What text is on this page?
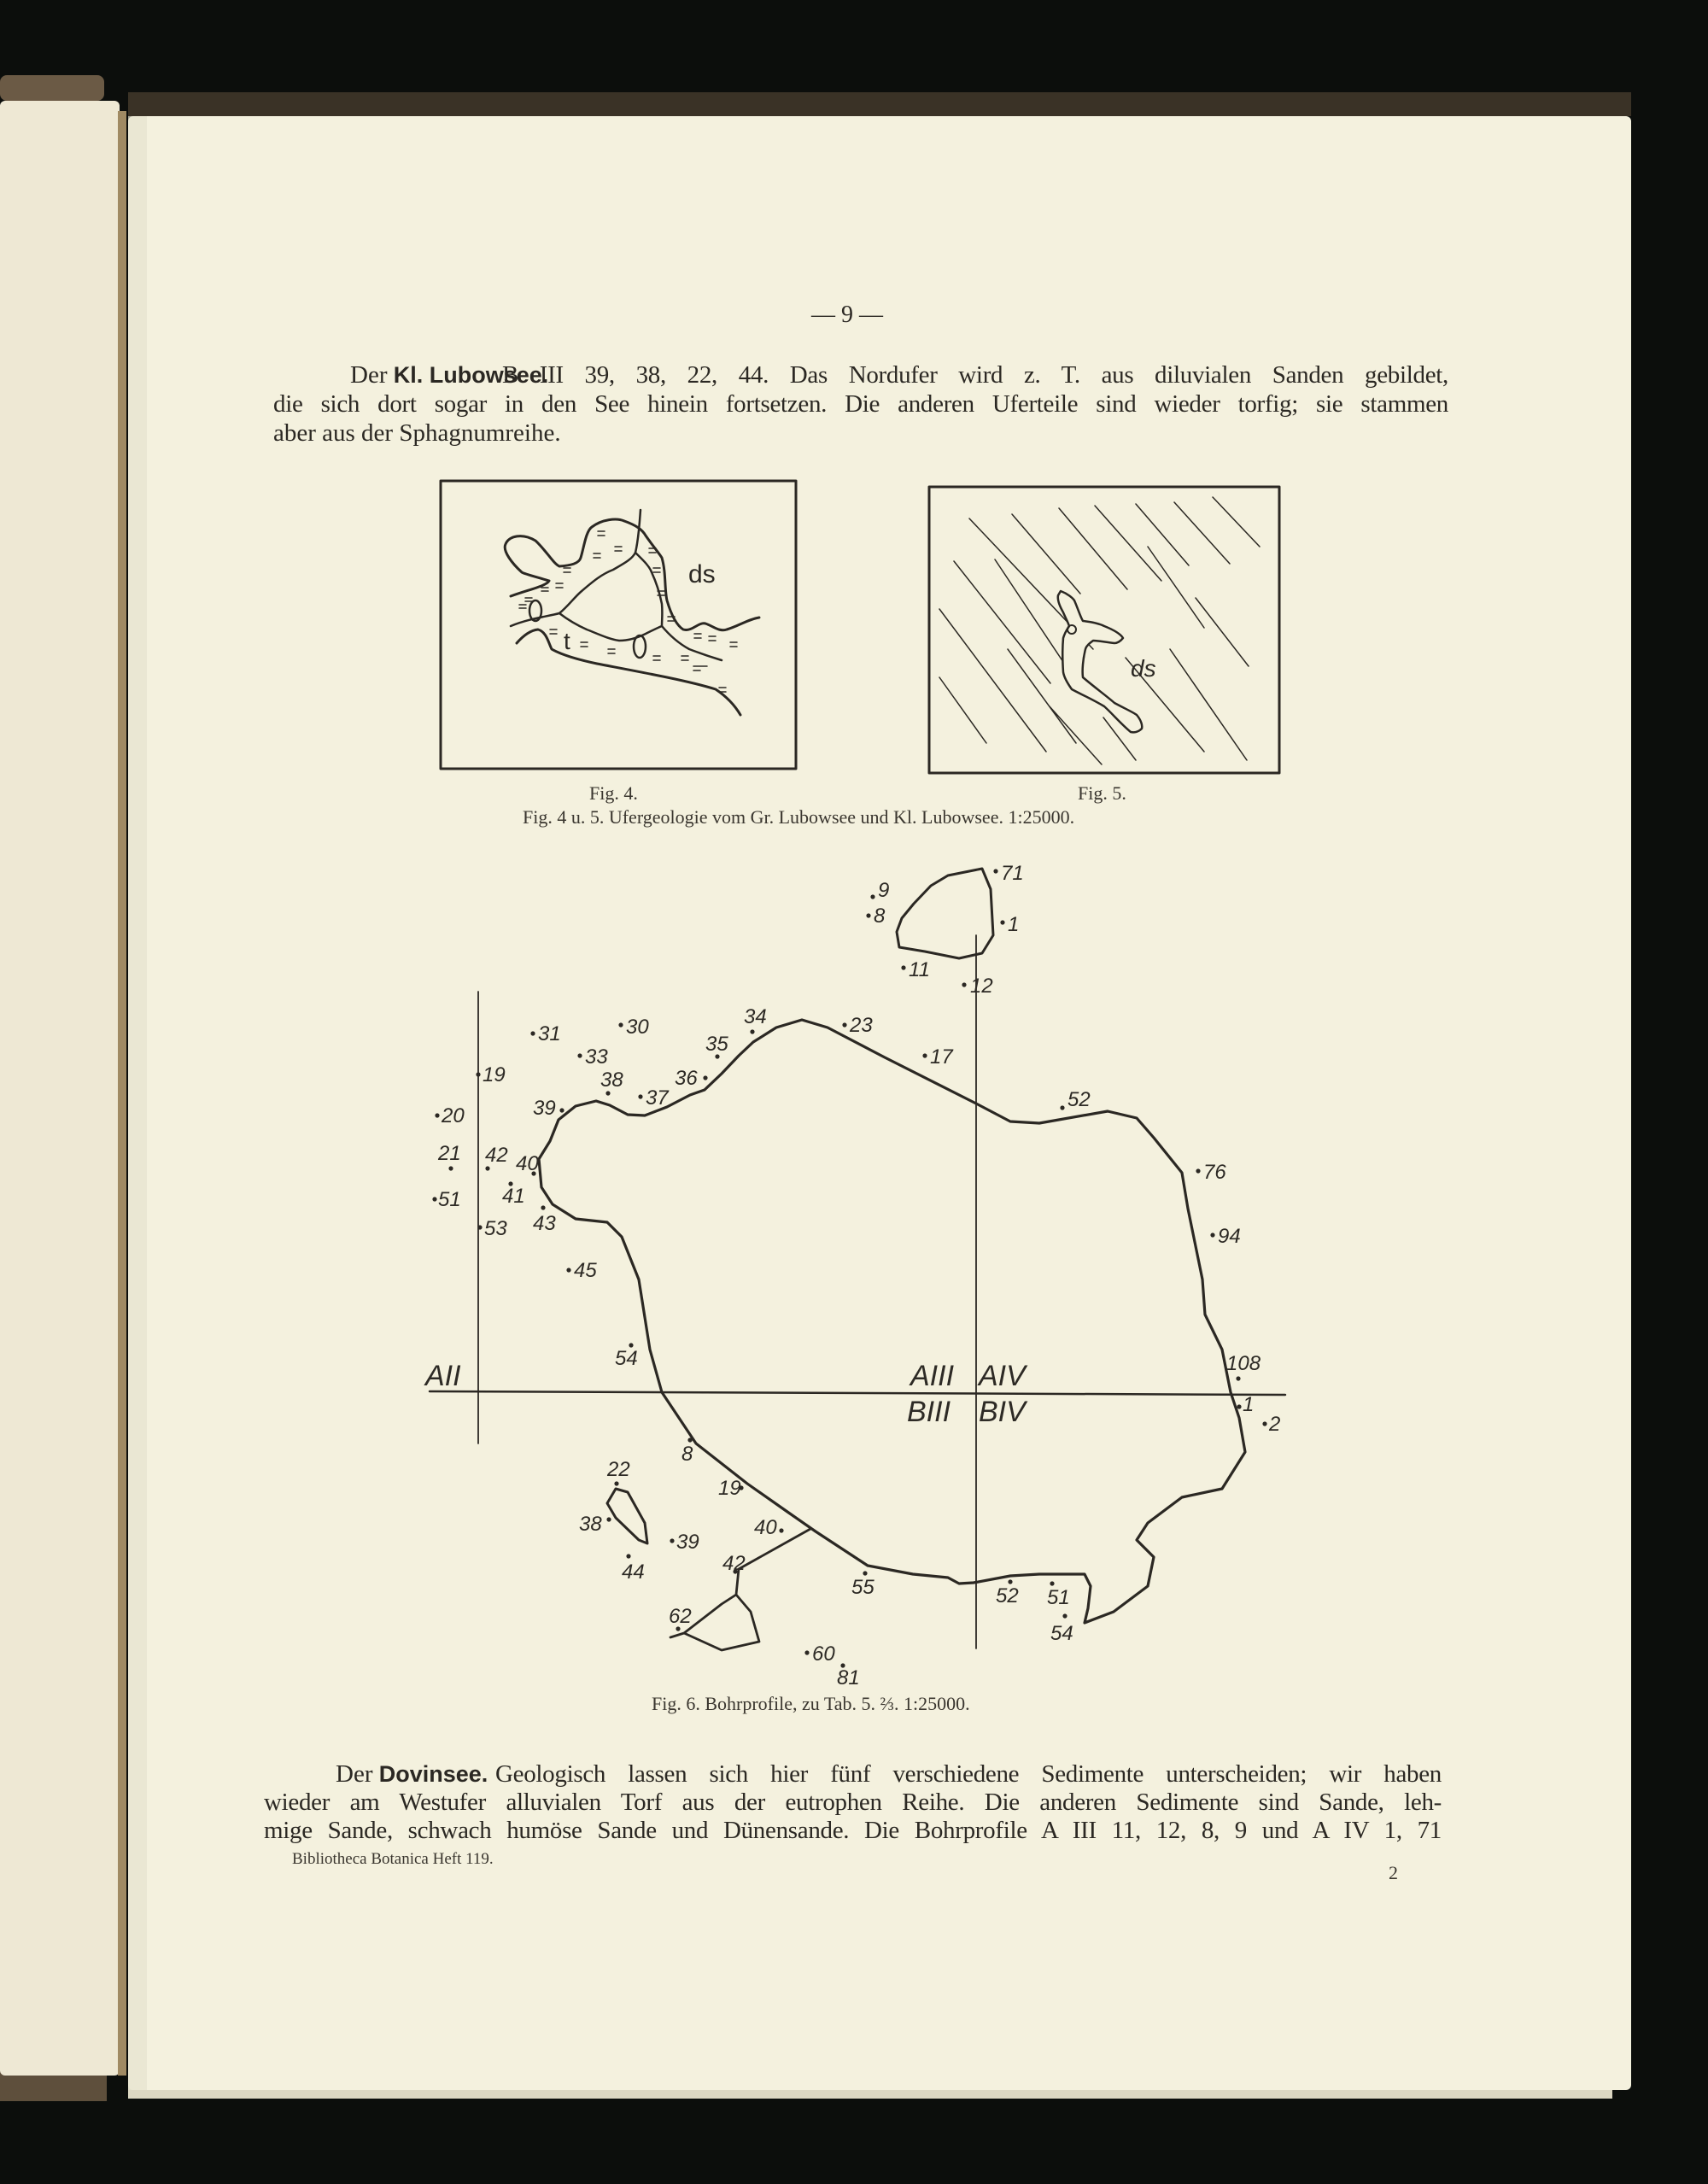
ds
t
ds
AII	AIII AIV
BIII BIV
71
9
8	1
11
12
31	30	34	23
33
35
17
19	38	36
37
39	52
20
21 42 40	76
41
51
43
53	94
45
54	108
1
2
8
22
19
38	40
39
42
44
55	52 51
62
54
60
81
— 9 —
Der Kl. Lubowsee.
B III 39, 38, 22, 44. Das Nordufer wird z. T. aus diluvialen Sanden gebildet,
die sich dort sogar in den See hinein fortsetzen. Die anderen Uferteile sind wieder torfig; sie stammen
aber aus der Sphagnumreihe.
Fig. 4.	Fig. 5.
Fig. 4 u. 5. Ufergeologie vom Gr. Lubowsee und Kl. Lubowsee. 1:25000.
Fig. 6. Bohrprofile, zu Tab. 5. ⅔. 1:25000.
Der Dovinsee. Geologisch lassen sich hier fünf verschiedene Sedimente unterscheiden; wir haben
wieder am Westufer alluvialen Torf aus der eutrophen Reihe. Die anderen Sedimente sind Sande, leh-
mige Sande, schwach humöse Sande und Dünensande. Die Bohrprofile A III 11, 12, 8, 9 und A IV 1, 71
Bibliotheca Botanica Heft 119.
2
